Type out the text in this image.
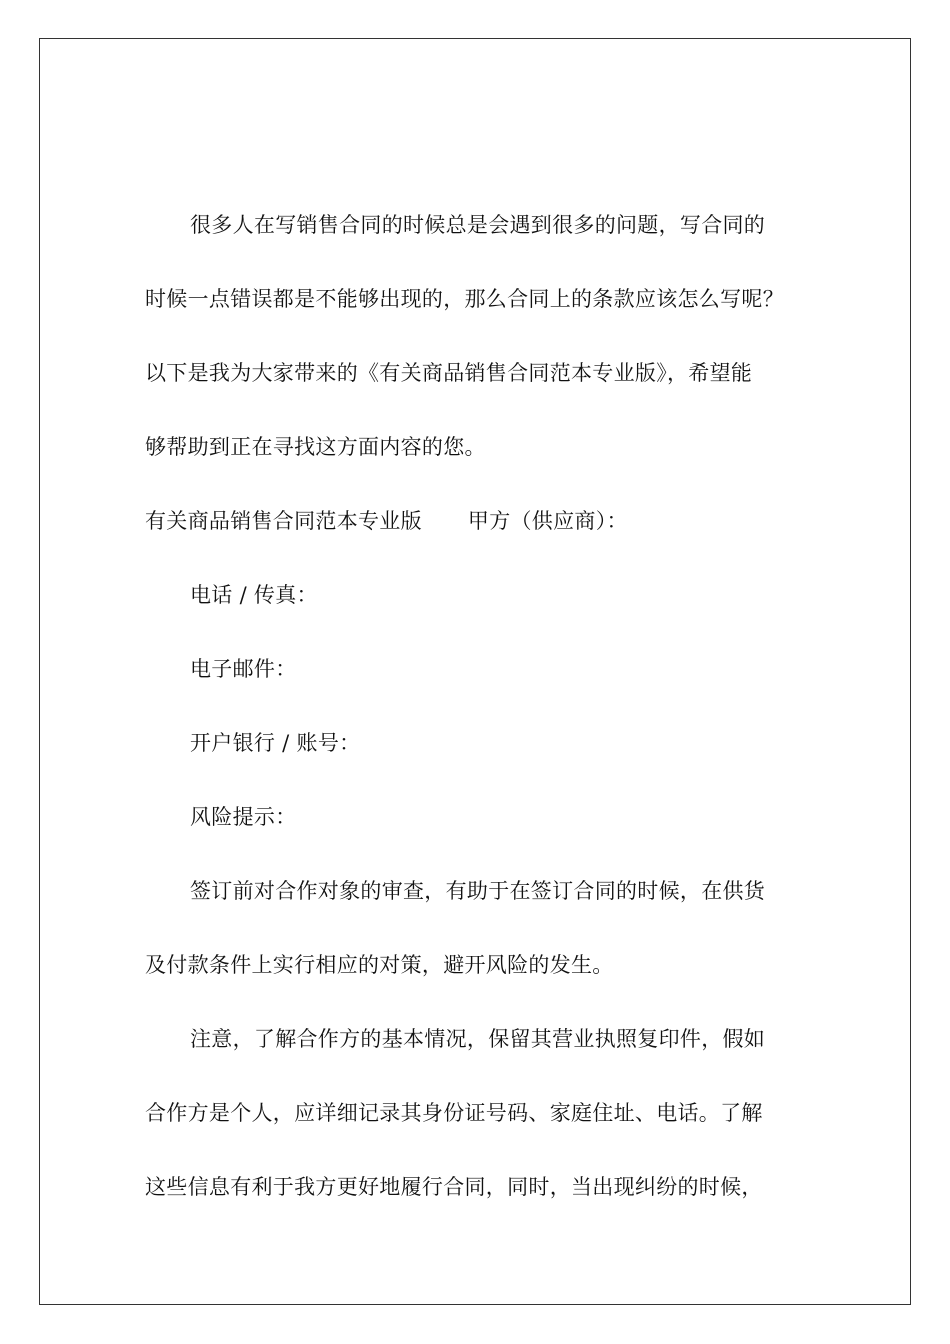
很多人在写销售合同的时候总是会遇到很多的问题，写合同的
时候一点错误都是不能够出现的，那么合同上的条款应该怎么写呢？
以下是我为大家带来的《有关商品销售合同范本专业版》，希望能
够帮助到正在寻找这方面内容的您。
有关商品销售合同范本专业版 甲方（供应商）：
电话 / 传真：
电子邮件：
开户银行 / 账号：
风险提示：
签订前对合作对象的审查，有助于在签订合同的时候，在供货
及付款条件上实行相应的对策，避开风险的发生。
注意，了解合作方的基本情况，保留其营业执照复印件，假如
合作方是个人，应详细记录其身份证号码、家庭住址、电话。了解
这些信息有利于我方更好地履行合同，同时，当出现纠纷的时候，
